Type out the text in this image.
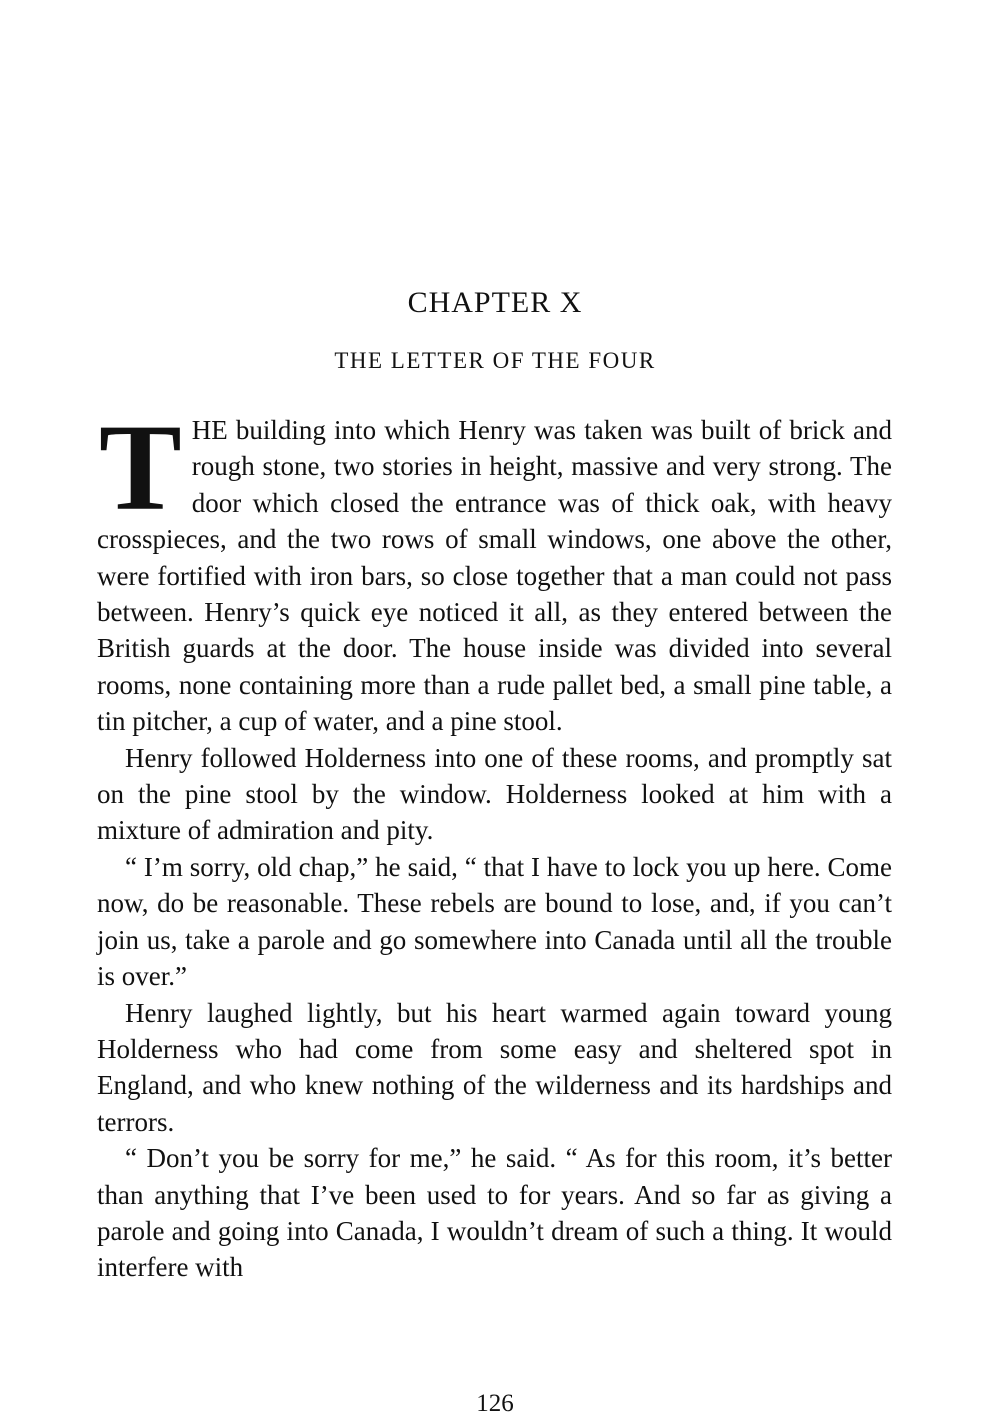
CHAPTER X
THE LETTER OF THE FOUR

THE building into which Henry was taken was built of brick and rough stone, two stories in height, massive and very strong. The door which closed the entrance was of thick oak, with heavy crosspieces, and the two rows of small windows, one above the other, were fortified with iron bars, so close together that a man could not pass between. Henry’s quick eye noticed it all, as they entered between the British guards at the door. The house inside was divided into several rooms, none containing more than a rude pallet bed, a small pine table, a tin pitcher, a cup of water, and a pine stool.

Henry followed Holderness into one of these rooms, and promptly sat on the pine stool by the window. Holderness looked at him with a mixture of admiration and pity.

“ I’m sorry, old chap,” he said, “ that I have to lock you up here. Come now, do be reasonable. These rebels are bound to lose, and, if you can’t join us, take a parole and go somewhere into Canada until all the trouble is over.”

Henry laughed lightly, but his heart warmed again toward young Holderness who had come from some easy and sheltered spot in England, and who knew nothing of the wilderness and its hardships and terrors.

“ Don’t you be sorry for me,” he said. “ As for this room, it’s better than anything that I’ve been used to for years. And so far as giving a parole and going into Canada, I wouldn’t dream of such a thing. It would interfere with

126
